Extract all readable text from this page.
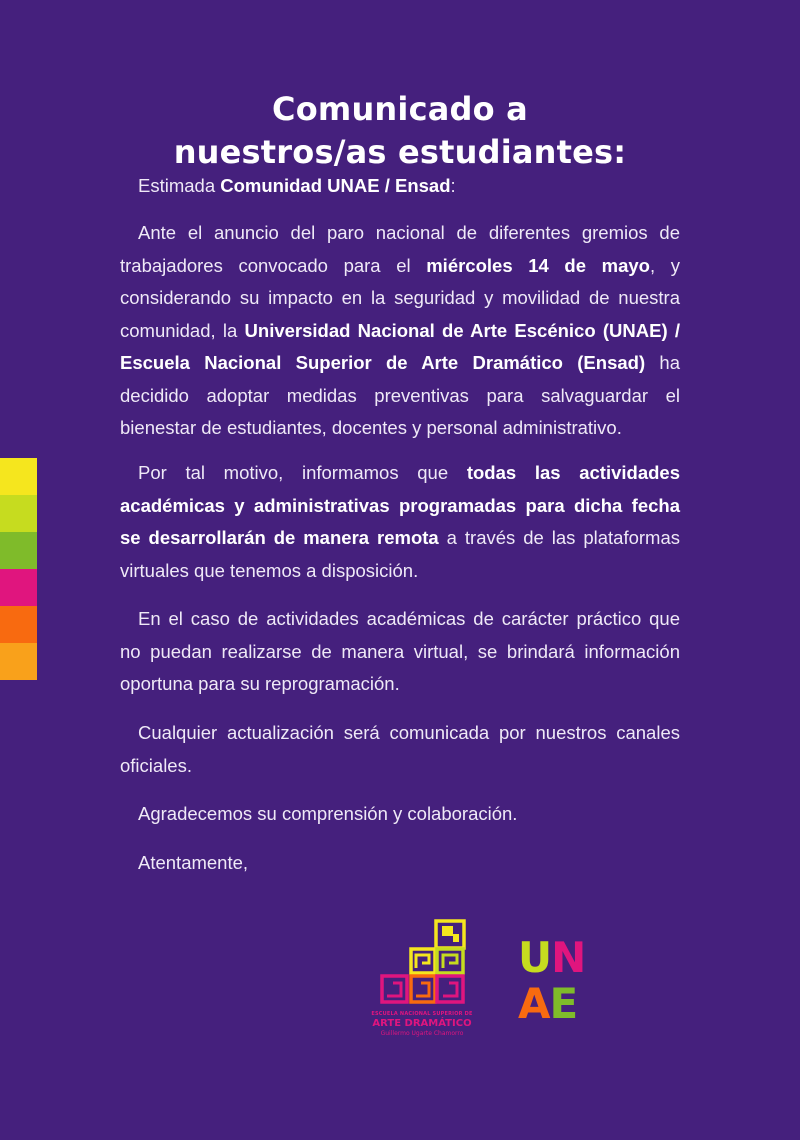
Comunicado a
nuestros/as estudiantes:
Estimada Comunidad UNAE / Ensad:
Ante el anuncio del paro nacional de diferentes gremios de trabajadores convocado para el miércoles 14 de mayo, y considerando su impacto en la seguridad y movilidad de nuestra comunidad, la Universidad Nacional de Arte Escénico (UNAE) / Escuela Nacional Superior de Arte Dramático (Ensad) ha decidido adoptar medidas preventivas para salvaguardar el bienestar de estudiantes, docentes y personal administrativo.
Por tal motivo, informamos que todas las actividades académicas y administrativas programadas para dicha fecha se desarrollarán de manera remota a través de las plataformas virtuales que tenemos a disposición.
En el caso de actividades académicas de carácter práctico que no puedan realizarse de manera virtual, se brindará información oportuna para su reprogramación.
Cualquier actualización será comunicada por nuestros canales oficiales.
Agradecemos su comprensión y colaboración.
Atentamente,
ESCUELA NACIONAL SUPERIOR DE
ARTE DRAMÁTICO
Guillermo Ugarte Chamorro
UN
AE
